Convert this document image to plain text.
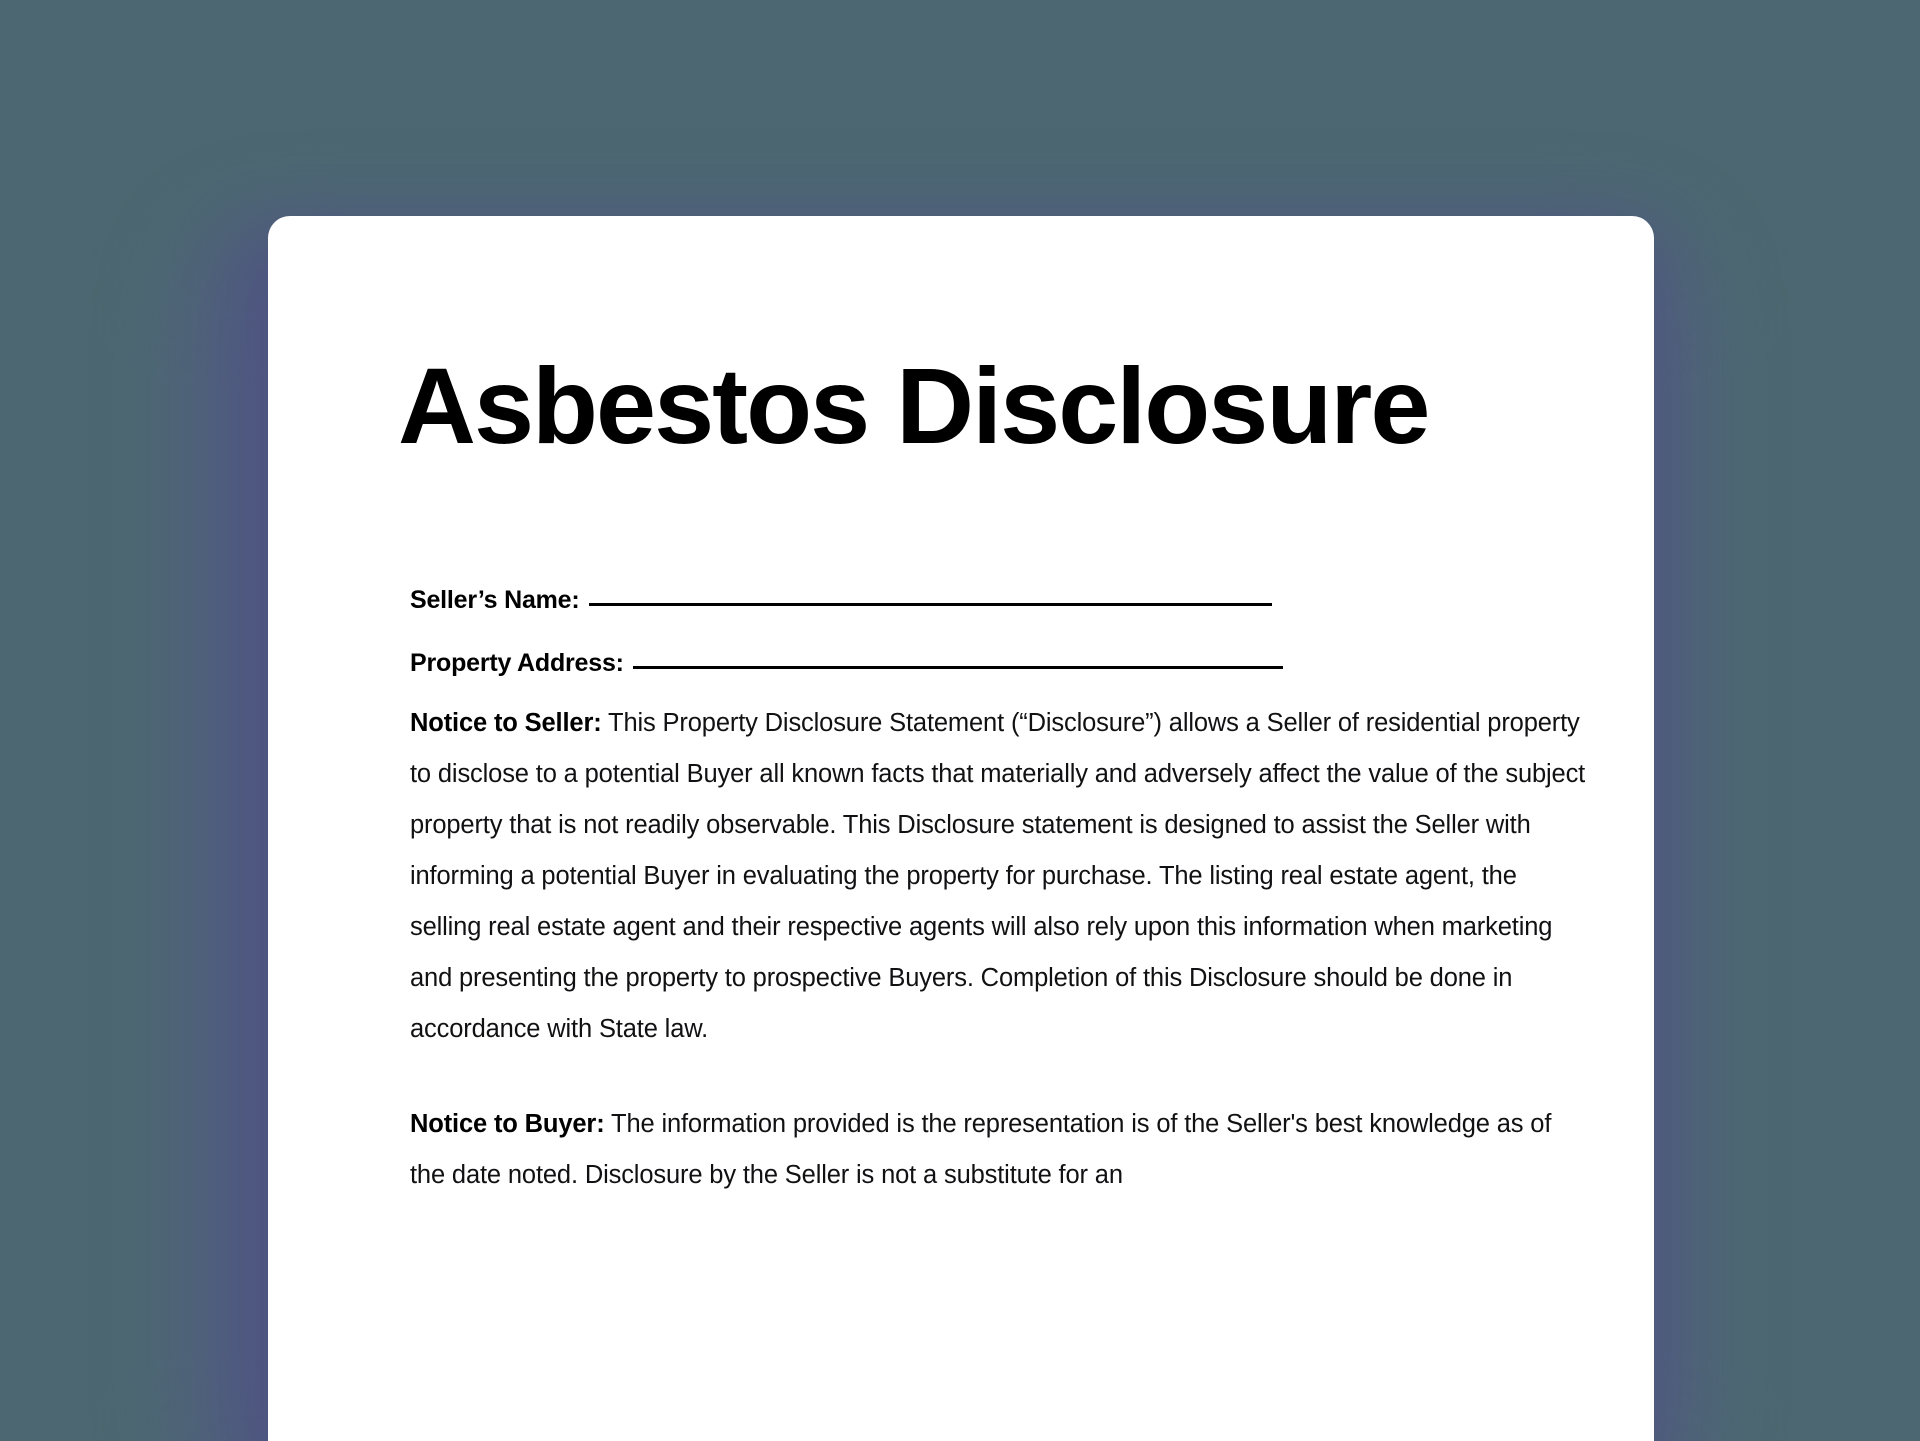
Asbestos Disclosure
Seller’s Name:
Property Address:

Notice to Seller: This Property Disclosure Statement (“Disclosure”) allows a Seller of residential property to disclose to a potential Buyer all known facts that materially and adversely affect the value of the subject property that is not readily observable. This Disclosure statement is designed to assist the Seller with informing a potential Buyer in evaluating the property for purchase. The listing real estate agent, the selling real estate agent and their respective agents will also rely upon this information when marketing and presenting the property to prospective Buyers. Completion of this Disclosure should be done in accordance with State law.

Notice to Buyer: The information provided is the representation is of the Seller's best knowledge as of the date noted. Disclosure by the Seller is not a substitute for an
